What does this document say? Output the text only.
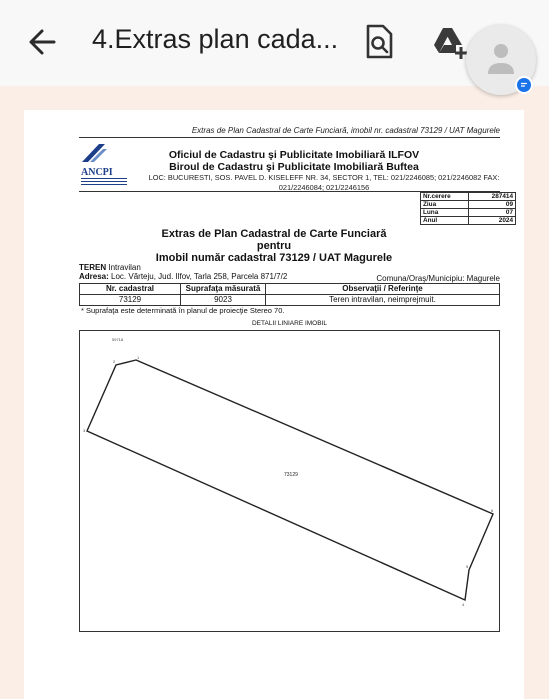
4.Extras plan cada...
Extras de Plan Cadastral de Carte Funciară, imobil nr. cadastral 73129 / UAT Magurele
ANCPI
Oficiul de Cadastru şi Publicitate Imobiliară ILFOV
Biroul de Cadastru şi Publicitate Imobiliară Buftea
LOC: BUCURESTI, SOS. PAVEL D. KISELEFF NR. 34, SECTOR 1, TEL: 021/2246085; 021/2246082 FAX:
021/2246084; 021/2246156
Nr.cerere	287414
Ziua	09
Luna	07
Anul	2024
Extras de Plan Cadastral de Carte Funciară
pentru
Imobil număr cadastral 73129 / UAT Magurele
TEREN Intravilan
Adresa: Loc. Vărteju, Jud. Ilfov, Tarla 258, Parcela 871/7/2	Comuna/Oraş/Municipiu: Magurele
Nr. cadastral	Suprafaţa măsurată	Observaţii / Referinţe
73129	9023	Teren intravilan, neimprejmuit.
* Suprafaţa este determinată în planul de proiecţie Stereo 70.
DETALII LINIARE IMOBIL
59718
73129
1
2
3
4
5
6
